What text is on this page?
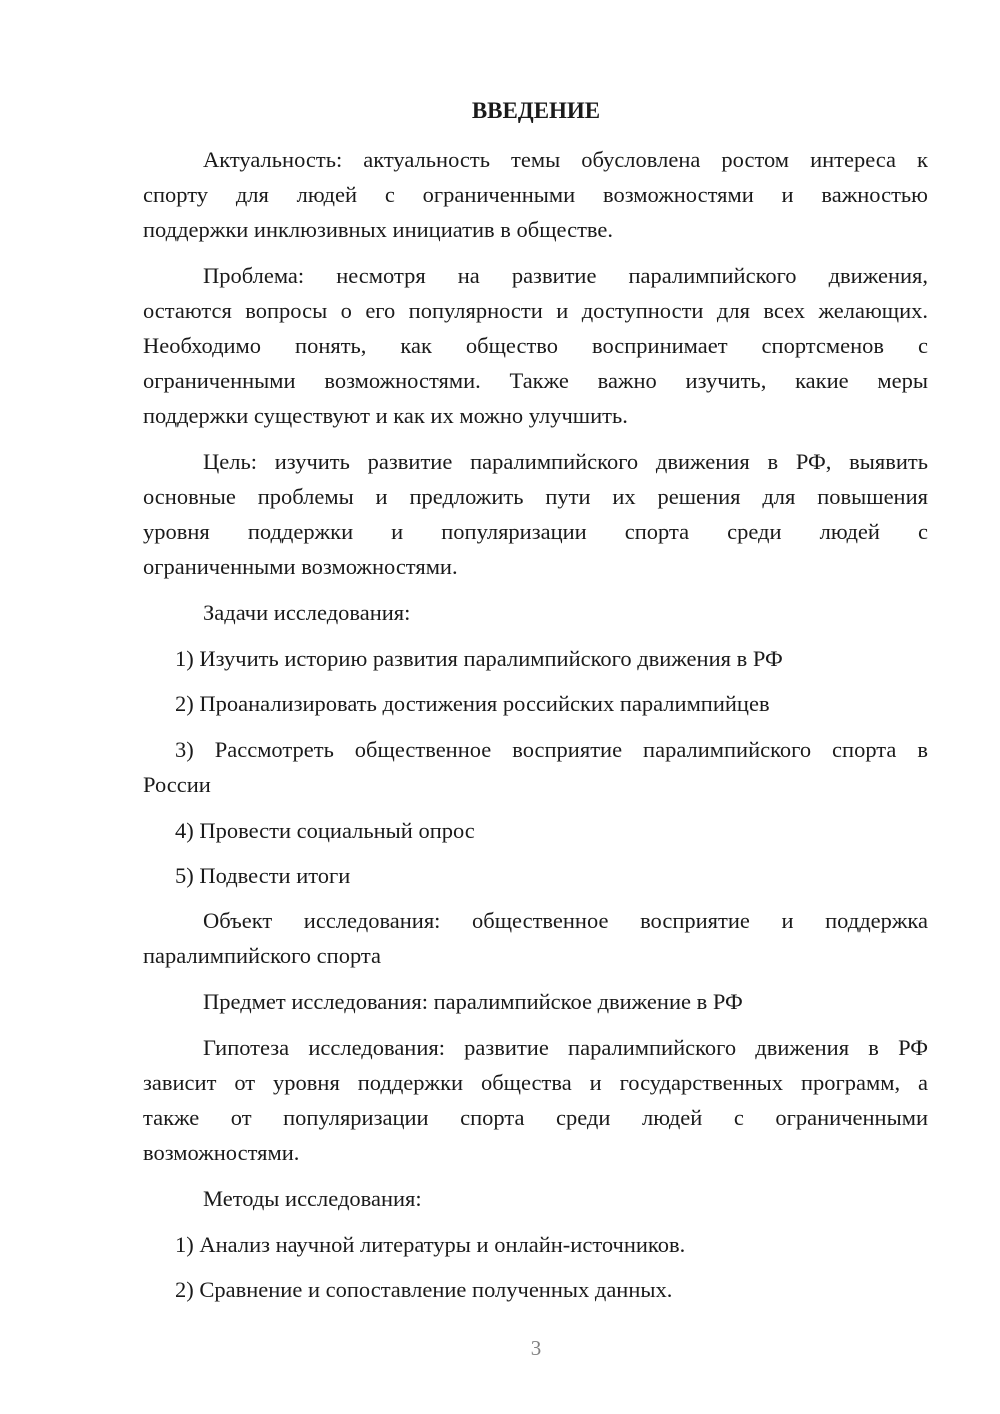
ВВЕДЕНИЕ
Актуальность: актуальность темы обусловлена ростом интереса к
спорту для людей с ограниченными возможностями и важностью
поддержки инклюзивных инициатив в обществе.
Проблема: несмотря на развитие паралимпийского движения,
остаются вопросы о его популярности и доступности для всех желающих.
Необходимо понять, как общество воспринимает спортсменов с
ограниченными возможностями. Также важно изучить, какие меры
поддержки существуют и как их можно улучшить.
Цель: изучить развитие паралимпийского движения в РФ, выявить
основные проблемы и предложить пути их решения для повышения
уровня поддержки и популяризации спорта среди людей с
ограниченными возможностями.
Задачи исследования:
1) Изучить историю развития паралимпийского движения в РФ
2) Проанализировать достижения российских паралимпийцев
3) Рассмотреть общественное восприятие паралимпийского спорта в
России
4) Провести социальный опрос
5) Подвести итоги
Объект исследования: общественное восприятие и поддержка
паралимпийского спорта
Предмет исследования: паралимпийское движение в РФ
Гипотеза исследования: развитие паралимпийского движения в РФ
зависит от уровня поддержки общества и государственных программ, а
также от популяризации спорта среди людей с ограниченными
возможностями.
Методы исследования:
1) Анализ научной литературы и онлайн-источников.
2) Сравнение и сопоставление полученных данных.
3
